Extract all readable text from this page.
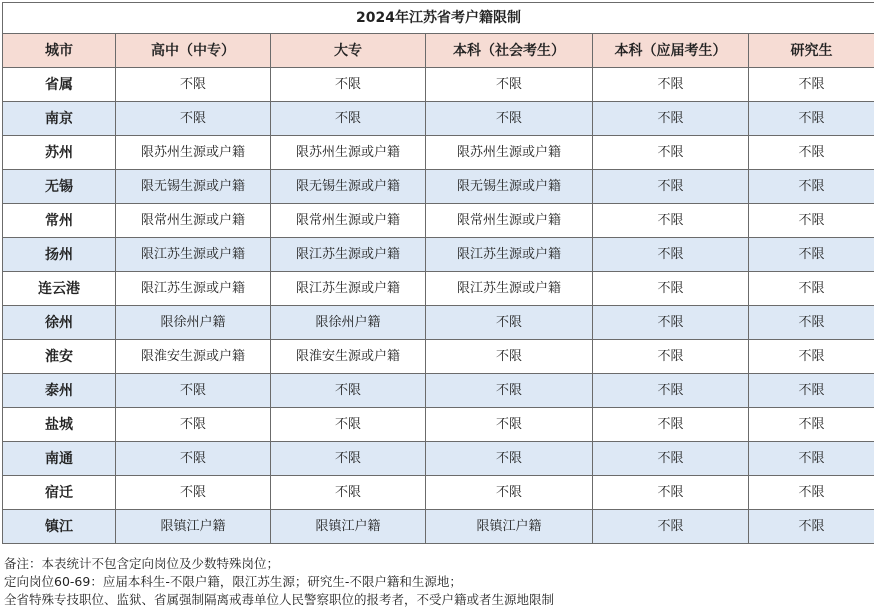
2024年江苏省考户籍限制					
城市	高中（中专）	大专	本科（社会考生）	本科（应届考生）	研究生
省属	不限	不限	不限	不限	不限
南京	不限	不限	不限	不限	不限
苏州	限苏州生源或户籍	限苏州生源或户籍	限苏州生源或户籍	不限	不限
无锡	限无锡生源或户籍	限无锡生源或户籍	限无锡生源或户籍	不限	不限
常州	限常州生源或户籍	限常州生源或户籍	限常州生源或户籍	不限	不限
扬州	限江苏生源或户籍	限江苏生源或户籍	限江苏生源或户籍	不限	不限
连云港	限江苏生源或户籍	限江苏生源或户籍	限江苏生源或户籍	不限	不限
徐州	限徐州户籍	限徐州户籍	不限	不限	不限
淮安	限淮安生源或户籍	限淮安生源或户籍	不限	不限	不限
泰州	不限	不限	不限	不限	不限
盐城	不限	不限	不限	不限	不限
南通	不限	不限	不限	不限	不限
宿迁	不限	不限	不限	不限	不限
镇江	限镇江户籍	限镇江户籍	限镇江户籍	不限	不限
备注：本表统计不包含定向岗位及少数特殊岗位；
定向岗位60-69：应届本科生-不限户籍，限江苏生源；研究生-不限户籍和生源地；
全省特殊专技职位、监狱、省属强制隔离戒毒单位人民警察职位的报考者，不受户籍或者生源地限制
